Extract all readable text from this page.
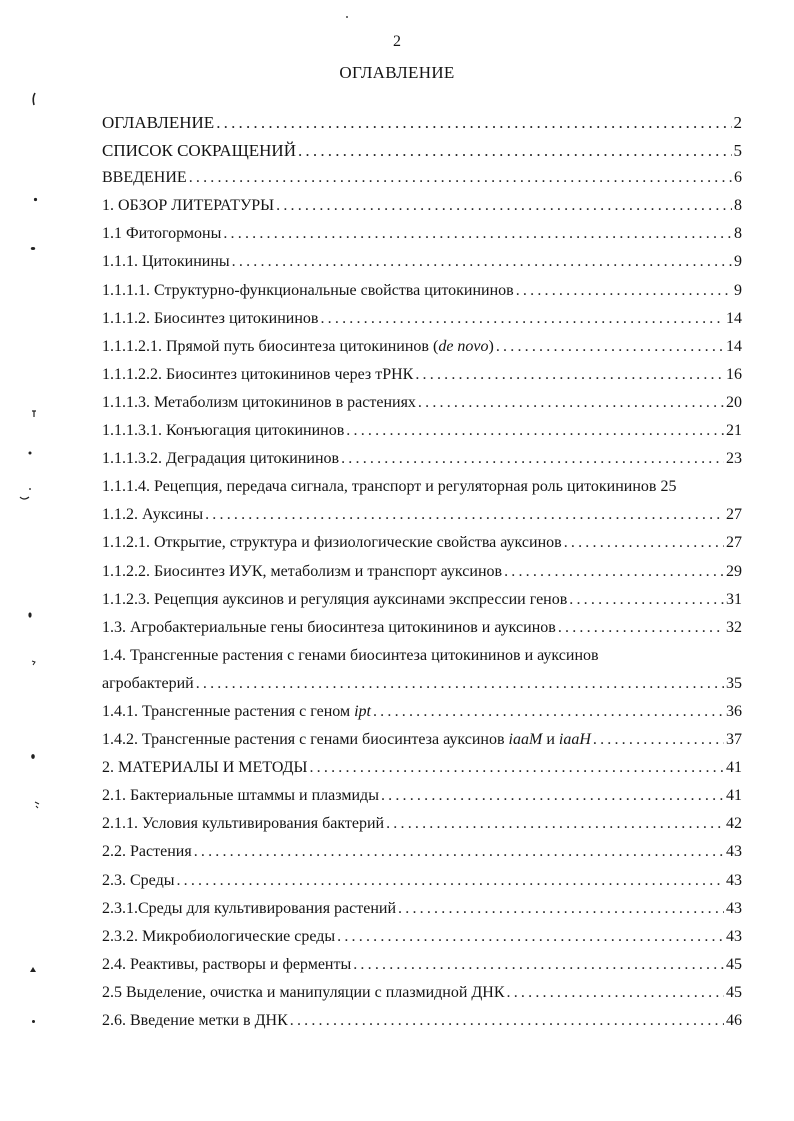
2
ОГЛАВЛЕНИЕ
ОГЛАВЛЕНИЕ .....	2
СПИСОК СОКРАЩЕНИЙ .....	5
ВВЕДЕНИЕ .....	6
1. ОБЗОР ЛИТЕРАТУРЫ .....	8
1.1 Фитогормоны .....	8
1.1.1. Цитокинины .....	9
1.1.1.1. Структурно-функциональные свойства цитокининов .....	9
1.1.1.2. Биосинтез цитокининов .....	14
1.1.1.2.1. Прямой путь биосинтеза цитокининов (de novo) .....	14
1.1.1.2.2. Биосинтез цитокининов через тРНК .....	16
1.1.1.3. Метаболизм цитокининов в растениях .....	20
1.1.1.3.1. Конъюгация цитокининов .....	21
1.1.1.3.2. Деградация цитокининов .....	23
1.1.1.4. Рецепция, передача сигнала, транспорт и регуляторная роль цитокининов 25
1.1.2. Ауксины .....	27
1.1.2.1. Открытие, структура и физиологические свойства ауксинов .....	27
1.1.2.2. Биосинтез ИУК, метаболизм и транспорт ауксинов .....	29
1.1.2.3. Рецепция ауксинов и регуляция ауксинами экспрессии генов .....	31
1.3. Агробактериальные гены биосинтеза цитокининов и ауксинов .....	32
1.4. Трансгенные растения с генами биосинтеза цитокининов и ауксинов
агробактерий .....	35
1.4.1. Трансгенные растения с геном ipt .....	36
1.4.2. Трансгенные растения с генами биосинтеза ауксинов iaaM и iaaH .....	37
2. МАТЕРИАЛЫ И МЕТОДЫ .....	41
2.1. Бактериальные штаммы и плазмиды .....	41
2.1.1. Условия культивирования бактерий .....	42
2.2. Растения .....	43
2.3. Среды .....	43
2.3.1.Среды для культивирования растений .....	43
2.3.2. Микробиологические среды .....	43
2.4. Реактивы, растворы и ферменты .....	45
2.5 Выделение, очистка и манипуляции с плазмидной ДНК .....	45
2.6. Введение метки в ДНК .....	46
